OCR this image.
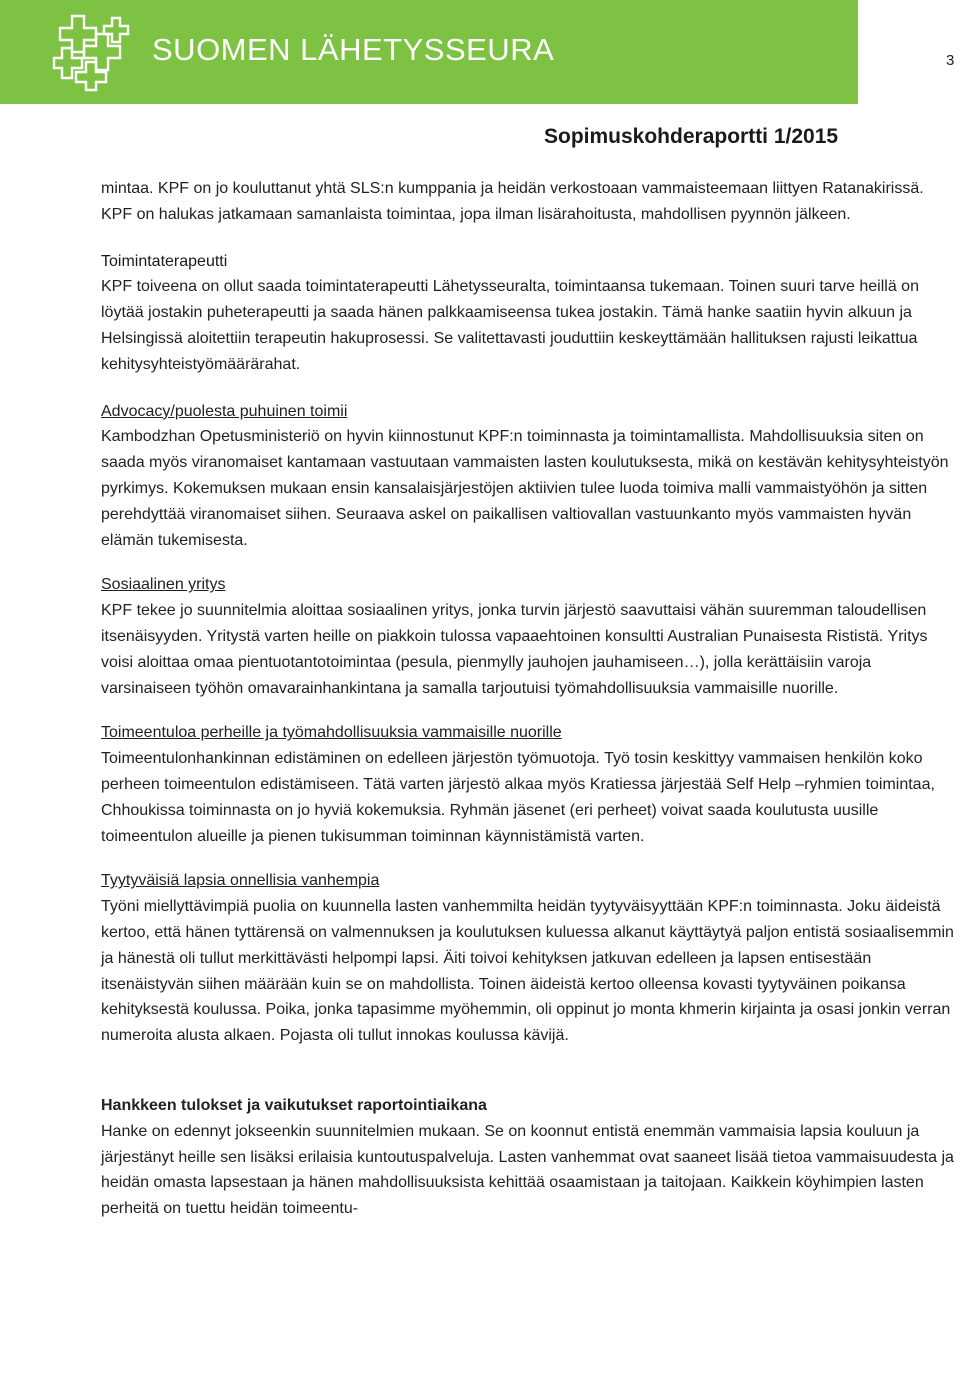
SUOMEN LÄHETYSSEURA	3
Sopimuskohderaportti 1/2015

mintaa. KPF on jo kouluttanut yhtä SLS:n kumppania ja heidän verkostoaan vammaisteemaan liittyen Ratanakirissä. KPF on halukas jatkamaan samanlaista toimintaa, jopa ilman lisärahoitusta, mahdollisen pyynnön jälkeen.

Toimintaterapeutti

KPF toiveena on ollut saada toimintaterapeutti Lähetysseuralta, toimintaansa tukemaan. Toinen suuri tarve heillä on löytää jostakin puheterapeutti ja saada hänen palkkaamiseensa tukea jostakin. Tämä hanke saatiin hyvin alkuun ja Helsingissä aloitettiin terapeutin hakuprosessi. Se valitettavasti jouduttiin keskeyttämään hallituksen rajusti leikattua kehitysyhteistyömäärärahat.

Advocacy/puolesta puhuinen toimii

Kambodzhan Opetusministeriö on hyvin kiinnostunut KPF:n toiminnasta ja toimintamallista. Mahdollisuuksia siten on saada myös viranomaiset kantamaan vastuutaan vammaisten lasten koulutuksesta, mikä on kestävän kehitysyhteistyön pyrkimys. Kokemuksen mukaan ensin kansalaisjärjestöjen aktiivien tulee luoda toimiva malli vammaistyöhön ja sitten perehdyttää viranomaiset siihen. Seuraava askel on paikallisen valtiovallan vastuunkanto myös vammaisten hyvän elämän tukemisesta.

Sosiaalinen yritys

KPF tekee jo suunnitelmia aloittaa sosiaalinen yritys, jonka turvin järjestö saavuttaisi vähän suuremman taloudellisen itsenäisyyden. Yritystä varten heille on piakkoin tulossa vapaaehtoinen konsultti Australian Punaisesta Rististä. Yritys voisi aloittaa omaa pientuotantotoimintaa (pesula, pienmylly jauhojen jauhamiseen…), jolla kerättäisiin varoja varsinaiseen työhön omavarainhankintana ja samalla tarjoutuisi työmahdollisuuksia vammaisille nuorille.

Toimeentuloa perheille ja työmahdollisuuksia vammaisille nuorille

Toimeentulonhankinnan edistäminen on edelleen järjestön työmuotoja. Työ tosin keskittyy vammaisen henkilön koko perheen toimeentulon edistämiseen. Tätä varten järjestö alkaa myös Kratiessa järjestää Self Help –ryhmien toimintaa, Chhoukissa toiminnasta on jo hyviä kokemuksia. Ryhmän jäsenet (eri perheet) voivat saada koulutusta uusille toimeentulon alueille ja pienen tukisumman toiminnan käynnistämistä varten.

Tyytyväisiä lapsia onnellisia vanhempia

Työni miellyttävimpiä puolia on kuunnella lasten vanhemmilta heidän tyytyväisyyttään KPF:n toiminnasta. Joku äideistä kertoo, että hänen tyttärensä on valmennuksen ja koulutuksen kuluessa alkanut käyttäytyä paljon entistä sosiaalisemmin ja hänestä oli tullut merkittävästi helpompi lapsi. Äiti toivoi kehityksen jatkuvan edelleen ja lapsen entisestään itsenäistyvän siihen määrään kuin se on mahdollista. Toinen äideistä kertoo olleensa kovasti tyytyväinen poikansa kehityksestä koulussa. Poika, jonka tapasimme myöhemmin, oli oppinut jo monta khmerin kirjainta ja osasi jonkin verran numeroita alusta alkaen. Pojasta oli tullut innokas koulussa kävijä.

Hankkeen tulokset ja vaikutukset raportointiaikana

Hanke on edennyt jokseenkin suunnitelmien mukaan. Se on koonnut entistä enemmän vammaisia lapsia kouluun ja järjestänyt heille sen lisäksi erilaisia kuntoutuspalveluja. Lasten vanhemmat ovat saaneet lisää tietoa vammaisuudesta ja heidän omasta lapsestaan ja hänen mahdollisuuksista kehittää osaamistaan ja taitojaan. Kaikkein köyhimpien lasten perheitä on tuettu heidän toimeentu-
